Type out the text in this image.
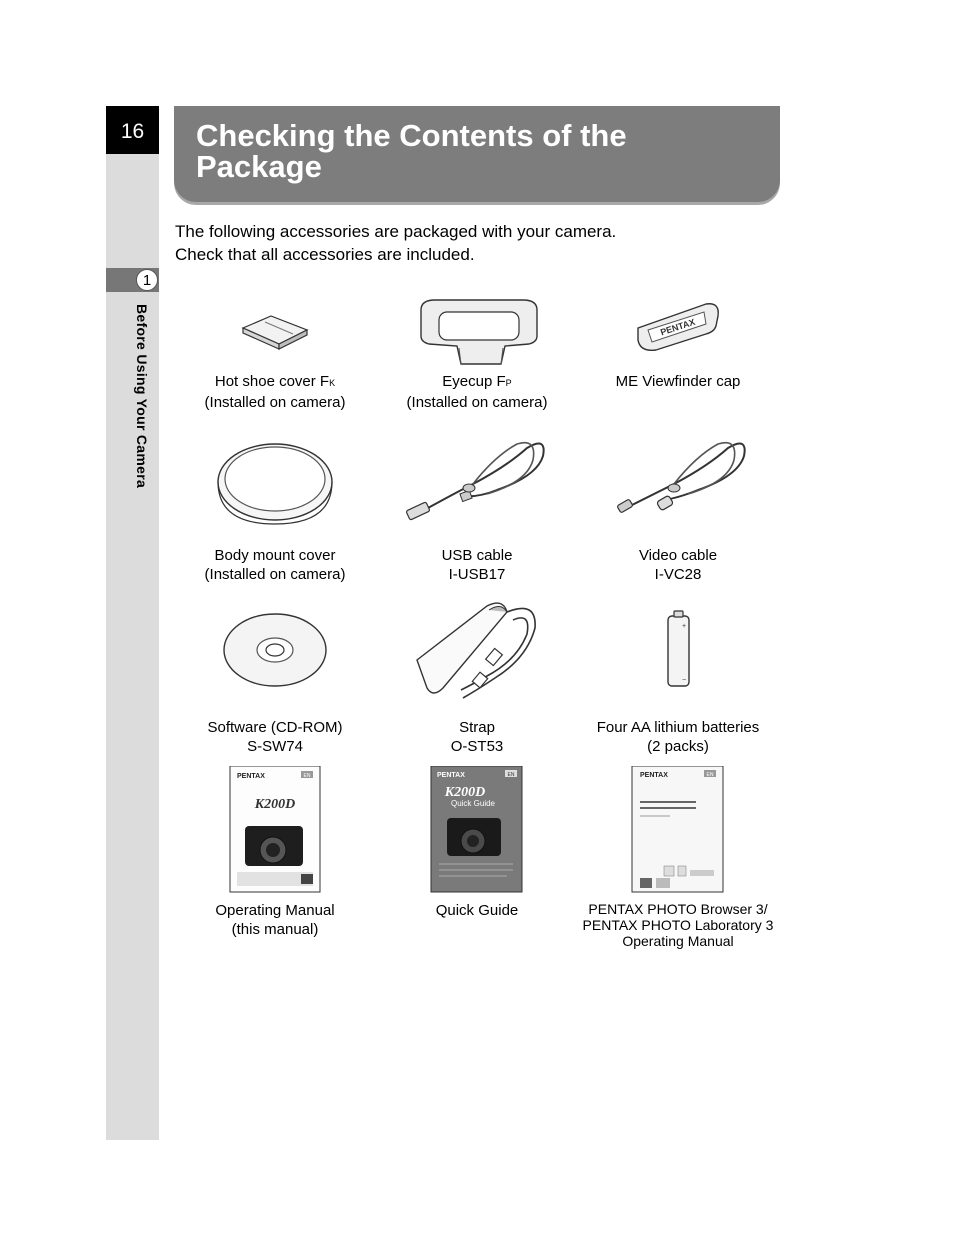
16
1
Before Using Your Camera
Checking the Contents of the
Package
The following accessories are packaged with your camera.
Check that all accessories are included.
Hot shoe cover FK
(Installed on camera)
Eyecup FP
(Installed on camera)
PENTAX
ME Viewfinder cap
Body mount cover
(Installed on camera)
USB cable
I-USB17
Video cable
I-VC28
Software (CD-ROM)
S-SW74
Strap
O-ST53
+
−
Four AA lithium batteries
(2 packs)
PENTAX	EN
K200D
Operating Manual
(this manual)
PENTAX	EN
K200D
Quick Guide
Quick Guide
PENTAX	EN
PENTAX PHOTO Browser 3/
PENTAX PHOTO Laboratory 3
Operating Manual
